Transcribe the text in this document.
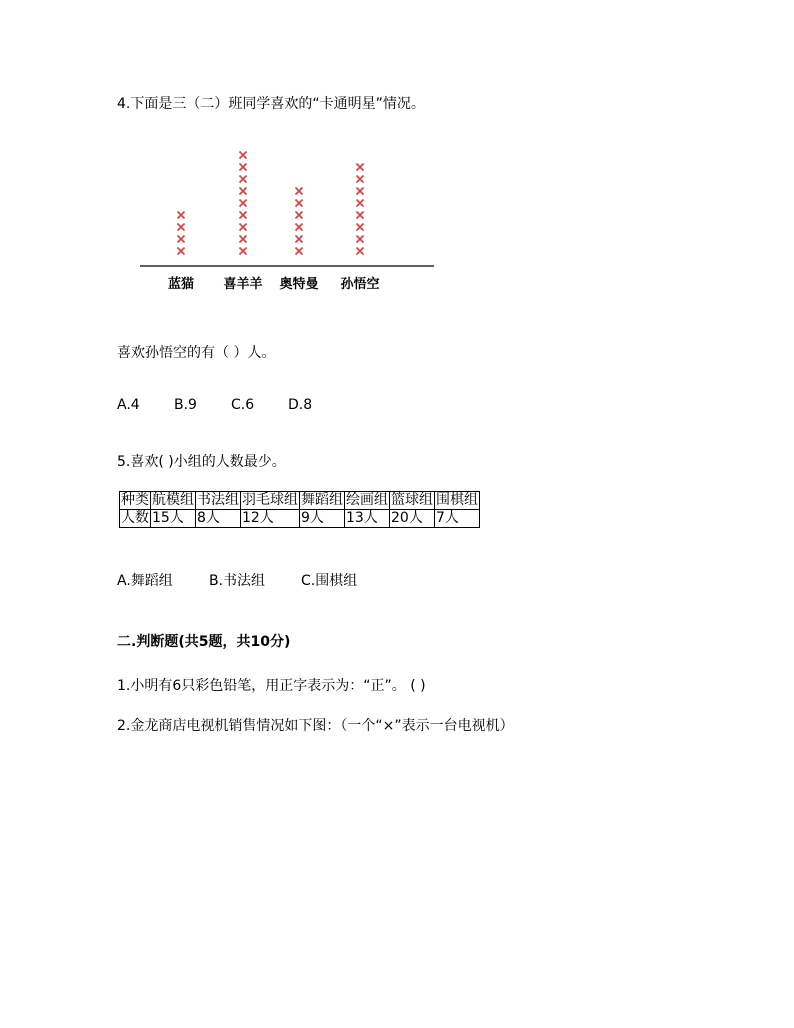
4.下面是三（二）班同学喜欢的“卡通明星”情况。
蓝猫 喜羊羊 奥特曼 孙悟空
喜欢孙悟空的有（ ）人。
A.4 B.9 C.6 D.8
5.喜欢( )小组的人数最少。
种类	航模组	书法组	羽毛球组	舞蹈组	绘画组	篮球组	围棋组
人数	15人	8人	12人	9人	13人	20人	7人
A.舞蹈组	B.书法组	C.围棋组
二.判断题(共5题，共10分)
1.小明有6只彩色铅笔，用正字表示为：“正”。 ( )
2.金龙商店电视机销售情况如下图：（一个“×”表示一台电视机）
